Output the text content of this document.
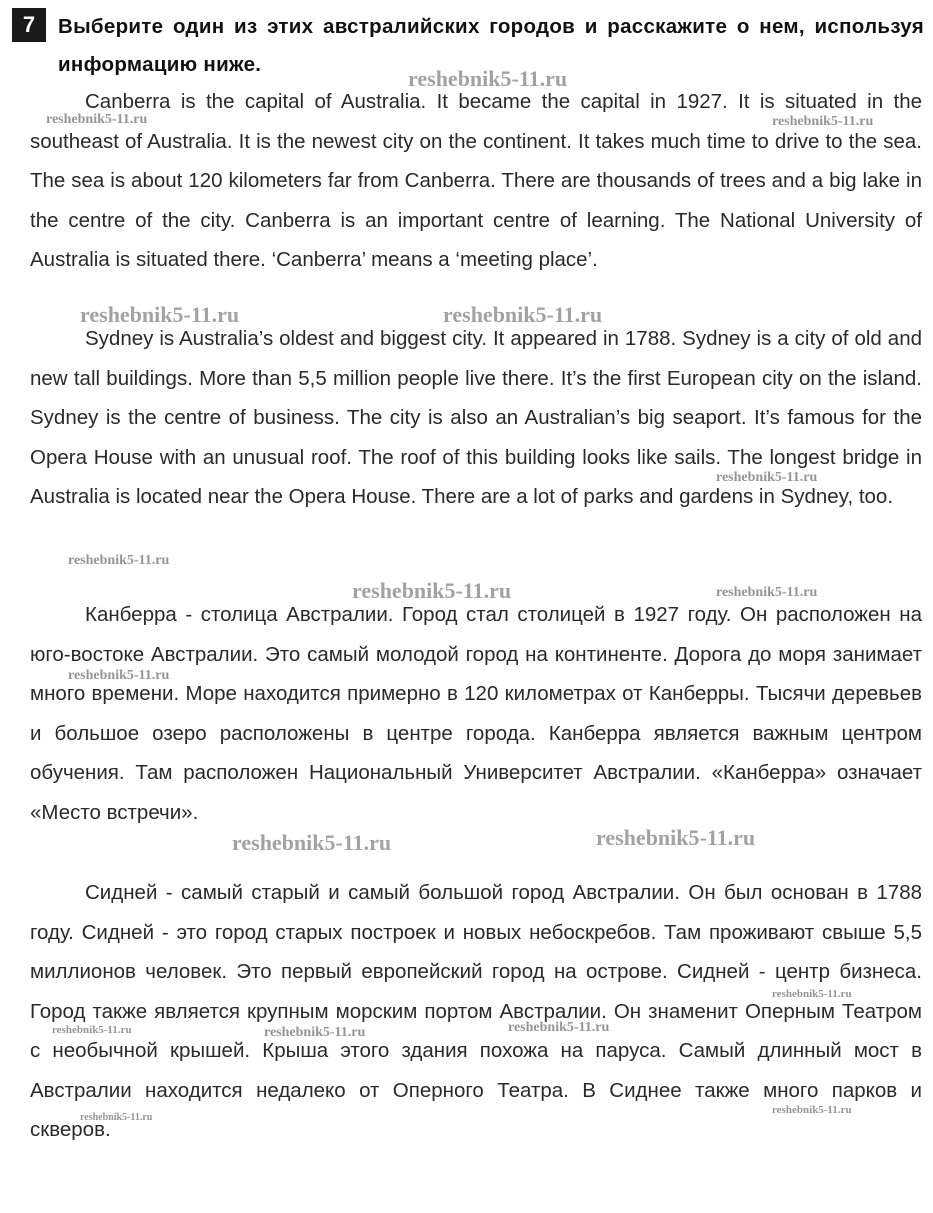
7	Выберите один из этих австралийских городов и расскажите о нем, используя информацию ниже.

Canberra is the capital of Australia. It became the capital in 1927. It is situated in the southeast of Australia. It is the newest city on the continent. It takes much time to drive to the sea. The sea is about 120 kilometers far from Canberra. There are thousands of trees and a big lake in the centre of the city. Canberra is an important centre of learning. The National University of Australia is situated there. ‘Canberra’ means a ‘meeting place’.

Sydney is Australia’s oldest and biggest city. It appeared in 1788. Sydney is a city of old and new tall buildings. More than 5,5 million people live there. It’s the first European city on the island. Sydney is the centre of business. The city is also an Australian’s big seaport. It’s famous for the Opera House with an unusual roof. The roof of this building looks like sails. The longest bridge in Australia is located near the Opera House. There are a lot of parks and gardens in Sydney, too.

Канберра - столица Австралии. Город стал столицей в 1927 году. Он расположен на юго-востоке Австралии. Это самый молодой город на континенте. Дорога до моря занимает много времени. Море находится примерно в 120 километрах от Канберры. Тысячи деревьев и большое озеро расположены в центре города. Канберра является важным центром обучения. Там расположен Национальный Университет Австралии. «Канберра» означает «Место встречи».

Сидней - самый старый и самый большой город Австралии. Он был основан в 1788 году. Сидней - это город старых построек и новых небоскребов. Там проживают свыше 5,5 миллионов человек. Это первый европейский город на острове. Сидней - центр бизнеса. Город также является крупным морским портом Австралии. Он знаменит Оперным Театром с необычной крышей. Крыша этого здания похожа на паруса. Самый длинный мост в Австралии находится недалеко от Оперного Театра. В Сиднее также много парков и скверов.

reshebnik5-11.ru
reshebnik5-11.ru	reshebnik5-11.ru
reshebnik5-11.ru	reshebnik5-11.ru
reshebnik5-11.ru
reshebnik5-11.ru
reshebnik5-11.ru	reshebnik5-11.ru
reshebnik5-11.ru
reshebnik5-11.ru	reshebnik5-11.ru
reshebnik5-11.ru
reshebnik5-11.ru
reshebnik5-11.ru	reshebnik5-11.ru
reshebnik5-11.ru
reshebnik5-11.ru
